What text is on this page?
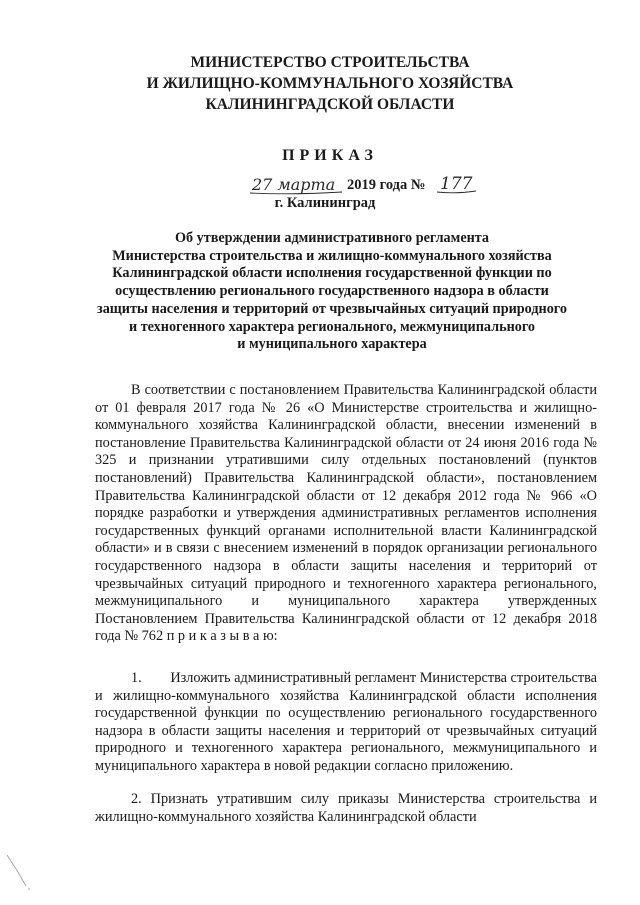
МИНИСТЕРСТВО СТРОИТЕЛЬСТВА
И ЖИЛИЩНО-КОММУНАЛЬНОГО ХОЗЯЙСТВА
КАЛИНИНГРАДСКОЙ ОБЛАСТИ
ПРИКАЗ
27 марта	177
2019 года №
г. Калининград
Об утверждении административного регламента
Министерства строительства и жилищно-коммунального хозяйства
Калининградской области исполнения государственной функции по
осуществлению регионального государственного надзора в области
защиты населения и территорий от чрезвычайных ситуаций природного
и техногенного характера регионального, межмуниципального
и муниципального характера

В соответствии с постановлением Правительства Калининградской области от 01 февраля 2017 года № 26 «О Министерстве строительства и жилищно-коммунального хозяйства Калининградской области, внесении изменений в постановление Правительства Калининградской области от 24 июня 2016 года № 325 и признании утратившими силу отдельных постановлений (пунктов постановлений) Правительства Калининградской области», постановлением Правительства Калининградской области от 12 декабря 2012 года № 966 «О порядке разработки и утверждения административных регламентов исполнения государственных функций органами исполнительной власти Калининградской области» и в связи с внесением изменений в порядок организации регионального государственного надзора в области защиты населения и территорий от чрезвычайных ситуаций природного и техногенного характера регионального, межмуниципального и муниципального характера утвержденных Постановлением Правительства Калининградской области от 12 декабря 2018 года № 762 п р и к а з ы в а ю:

1.   Изложить административный регламент Министерства строительства и жилищно-коммунального хозяйства Калининградской области исполнения государственной функции по осуществлению регионального государственного надзора в области защиты населения и территорий от чрезвычайных ситуаций природного и техногенного характера регионального, межмуниципального и муниципального характера в новой редакции согласно приложению.

2. Признать утратившим силу приказы Министерства строительства и жилищно-коммунального хозяйства Калининградской области
